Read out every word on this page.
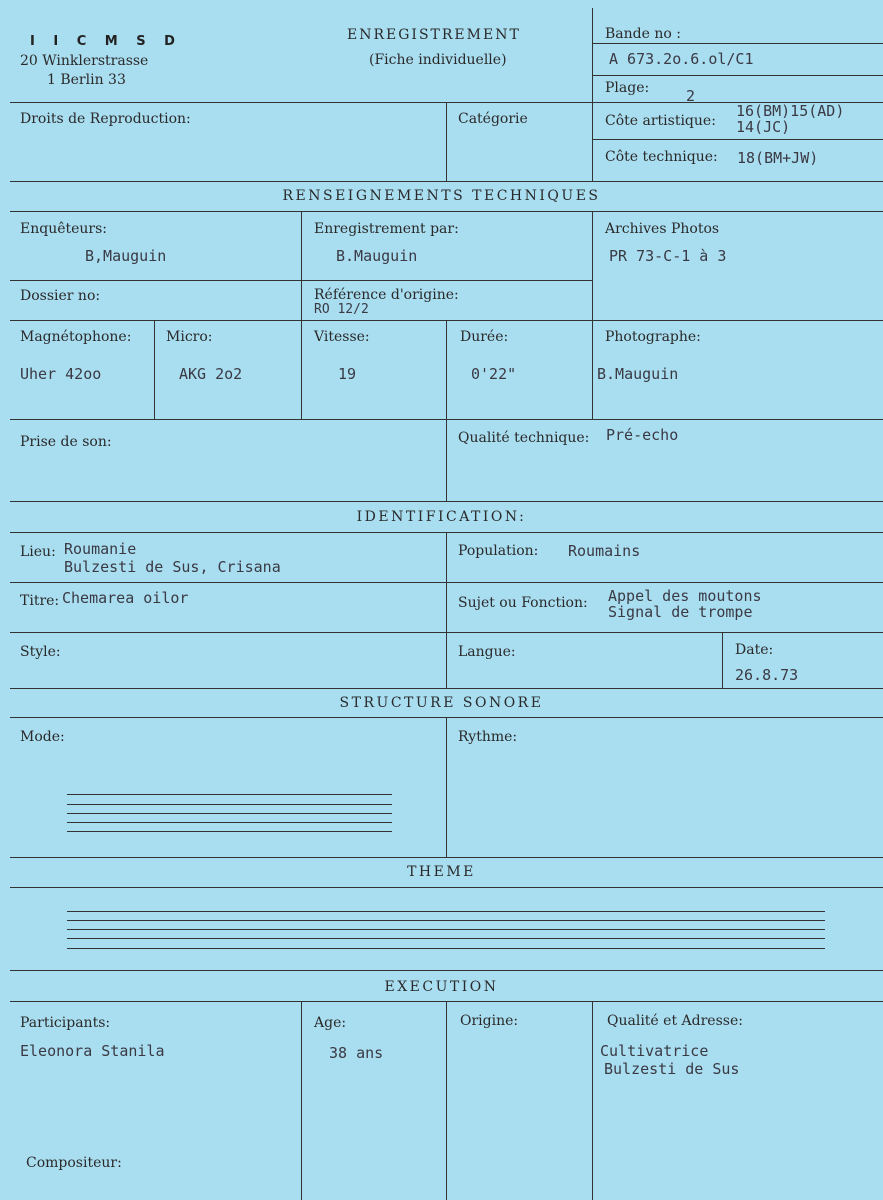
I I C M S D
20 Winklerstrasse
1 Berlin 33
ENREGISTREMENT
(Fiche individuelle)
Bande no :
A 673.2o.6.ol/C1
Plage: 2
Droits de Reproduction:	Catégorie	Côte artistique:
16(BM)15(AD)
14(JC)
Côte technique: 18(BM+JW)
RENSEIGNEMENTS TECHNIQUES
Enquêteurs:
B,Mauguin
Enregistrement par:
B.Mauguin
Archives Photos
PR 73-C-1 à 3
Dossier no:	Référence d'origine:
RO 12/2
Magnétophone:
Uher 42oo
Micro:
AKG 2o2
Vitesse:
19
Durée:
0'22"
Photographe:
B.Mauguin
Prise de son:	Qualité technique: Pré-echo
IDENTIFICATION:
Lieu: Roumanie
Bulzesti de Sus, Crisana
Population: Roumains
Titre: Chemarea oilor	Sujet ou Fonction: Appel des moutons
Signal de trompe
Style:	Langue:	Date:
26.8.73
STRUCTURE SONORE
Mode:	Rythme:
THEME
EXECUTION
Participants:
Eleonora Stanila
Age:
38 ans
Origine:	Qualité et Adresse:
Cultivatrice
Bulzesti de Sus
Compositeur:
